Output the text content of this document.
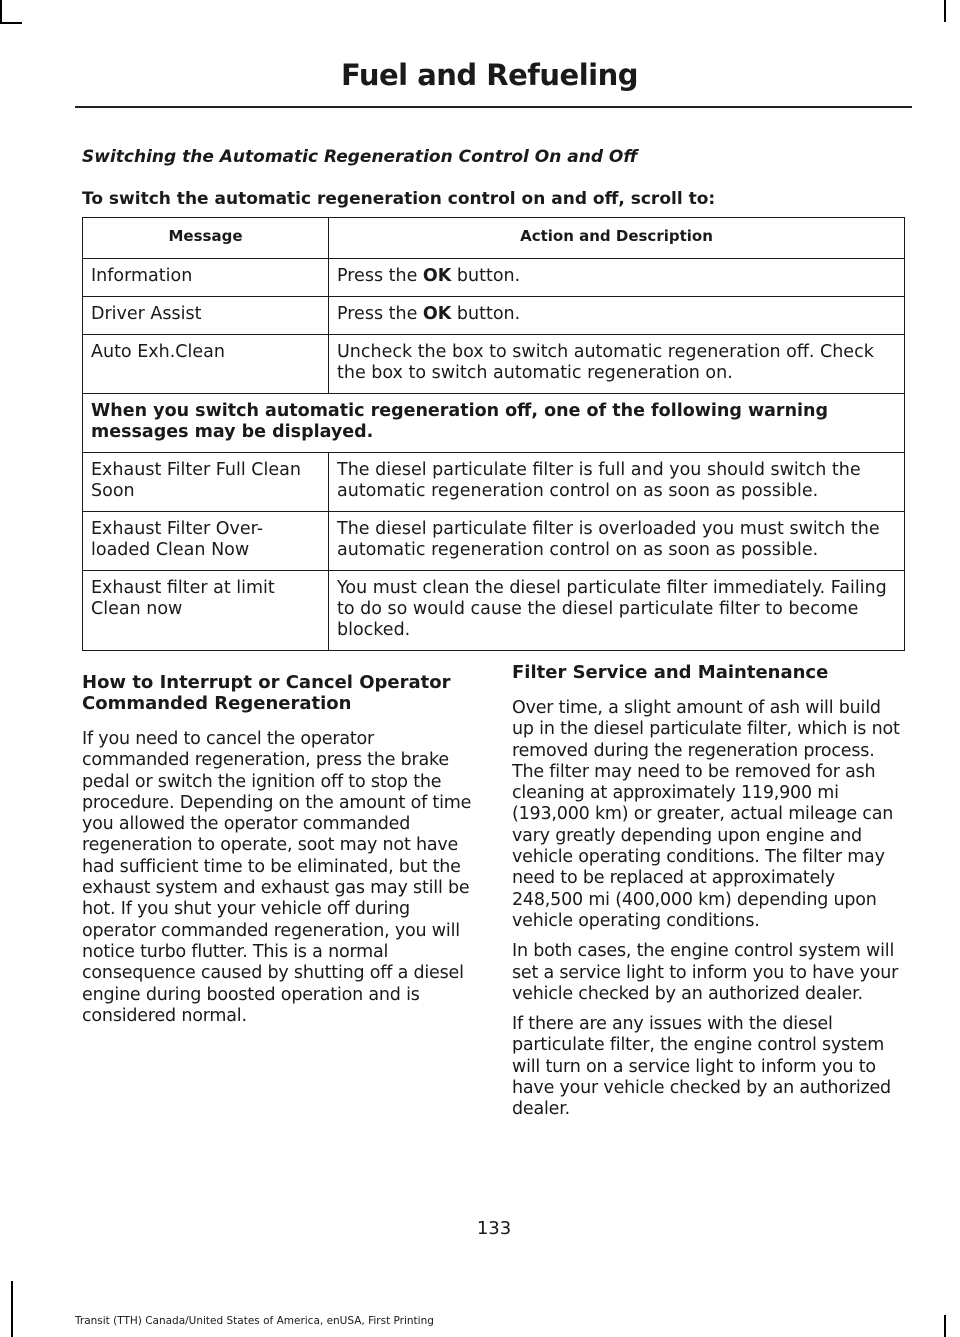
Fuel and Refueling
Switching the Automatic Regeneration Control On and Off
To switch the automatic regeneration control on and off, scroll to:
Message	Action and Description
Information	Press the OK button.
Driver Assist	Press the OK button.
Auto Exh.Clean	Uncheck the box to switch automatic regeneration off. Check the box to switch automatic regeneration on.
When you switch automatic regeneration off, one of the following warning messages may be displayed.	
Exhaust Filter Full Clean Soon	The diesel particulate filter is full and you should switch the automatic regeneration control on as soon as possible.
Exhaust Filter Over-loaded Clean Now	The diesel particulate filter is overloaded you must switch the automatic regeneration control on as soon as possible.
Exhaust filter at limit Clean now	You must clean the diesel particulate filter immediately. Failing to do so would cause the diesel particulate filter to become blocked.
How to Interrupt or Cancel Operator Commanded Regeneration
If you need to cancel the operator commanded regeneration, press the brake pedal or switch the ignition off to stop the procedure. Depending on the amount of time you allowed the operator commanded regeneration to operate, soot may not have had sufficient time to be eliminated, but the exhaust system and exhaust gas may still be hot. If you shut your vehicle off during operator commanded regeneration, you will notice turbo flutter. This is a normal consequence caused by shutting off a diesel engine during boosted operation and is considered normal.
Filter Service and Maintenance
Over time, a slight amount of ash will build up in the diesel particulate filter, which is not removed during the regeneration process. The filter may need to be removed for ash cleaning at approximately 119,900 mi (193,000 km) or greater, actual mileage can vary greatly depending upon engine and vehicle operating conditions. The filter may need to be replaced at approximately 248,500 mi (400,000 km) depending upon vehicle operating conditions.
In both cases, the engine control system will set a service light to inform you to have your vehicle checked by an authorized dealer.
If there are any issues with the diesel particulate filter, the engine control system will turn on a service light to inform you to have your vehicle checked by an authorized dealer.
133
Transit (TTH) Canada/United States of America, enUSA, First Printing
